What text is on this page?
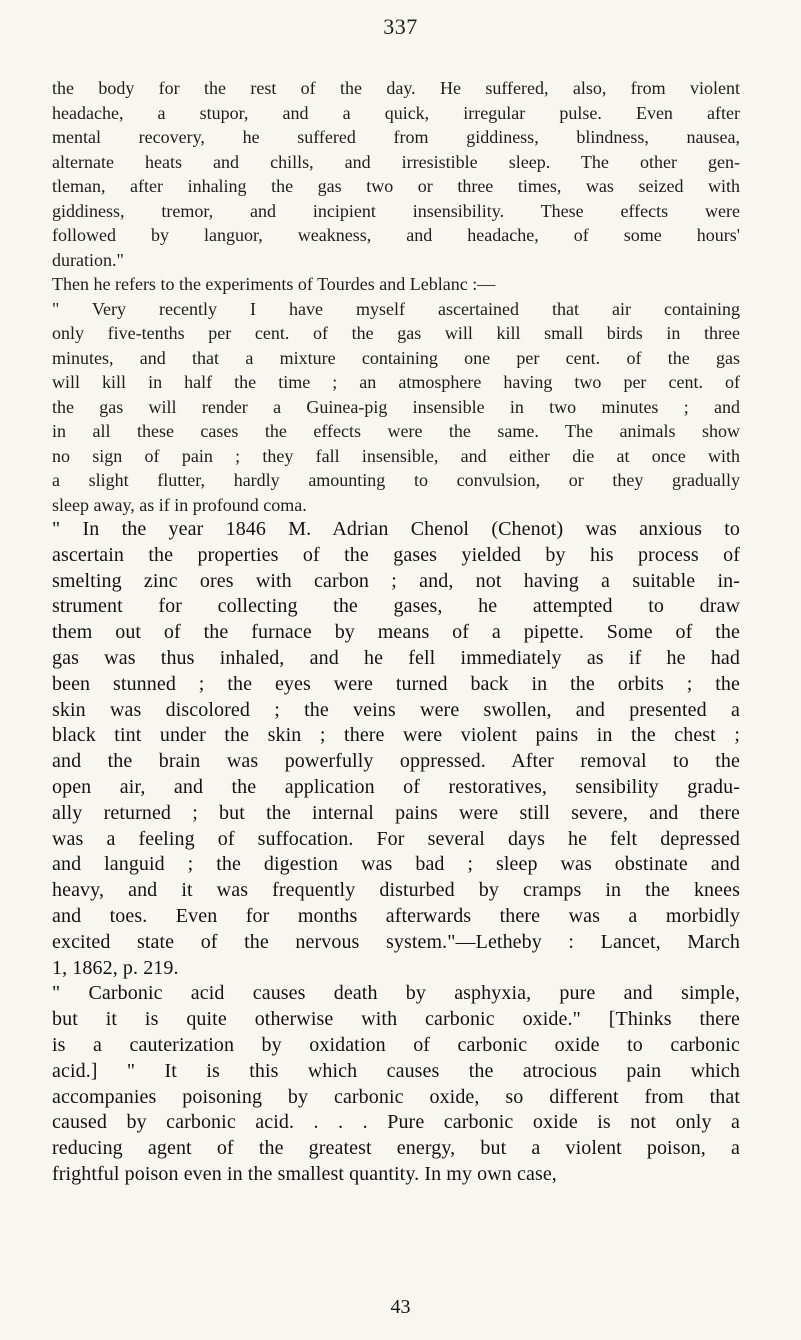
337
the body for the rest of the day. He suffered, also, from violent
headache, a stupor, and a quick, irregular pulse. Even after
mental recovery, he suffered from giddiness, blindness, nausea,
alternate heats and chills, and irresistible sleep. The other gen-
tleman, after inhaling the gas two or three times, was seized with
giddiness, tremor, and incipient insensibility. These effects were
followed by languor, weakness, and headache, of some hours'
duration."
Then he refers to the experiments of Tourdes and Leblanc :—
" Very recently I have myself ascertained that air containing
only five-tenths per cent. of the gas will kill small birds in three
minutes, and that a mixture containing one per cent. of the gas
will kill in half the time ; an atmosphere having two per cent. of
the gas will render a Guinea-pig insensible in two minutes ; and
in all these cases the effects were the same. The animals show
no sign of pain ; they fall insensible, and either die at once with
a slight flutter, hardly amounting to convulsion, or they gradually
sleep away, as if in profound coma.
" In the year 1846 M. Adrian Chenol (Chenot) was anxious to
ascertain the properties of the gases yielded by his process of
smelting zinc ores with carbon ; and, not having a suitable in-
strument for collecting the gases, he attempted to draw
them out of the furnace by means of a pipette. Some of the
gas was thus inhaled, and he fell immediately as if he had
been stunned ; the eyes were turned back in the orbits ; the
skin was discolored ; the veins were swollen, and presented a
black tint under the skin ; there were violent pains in the chest ;
and the brain was powerfully oppressed. After removal to the
open air, and the application of restoratives, sensibility gradu-
ally returned ; but the internal pains were still severe, and there
was a feeling of suffocation. For several days he felt depressed
and languid ; the digestion was bad ; sleep was obstinate and
heavy, and it was frequently disturbed by cramps in the knees
and toes. Even for months afterwards there was a morbidly
excited state of the nervous system."—Letheby : Lancet, March
1, 1862, p. 219.
" Carbonic acid causes death by asphyxia, pure and simple,
but it is quite otherwise with carbonic oxide." [Thinks there
is a cauterization by oxidation of carbonic oxide to carbonic
acid.] " It is this which causes the atrocious pain which
accompanies poisoning by carbonic oxide, so different from that
caused by carbonic acid. . . . Pure carbonic oxide is not only a
reducing agent of the greatest energy, but a violent poison, a
frightful poison even in the smallest quantity. In my own case,
43
